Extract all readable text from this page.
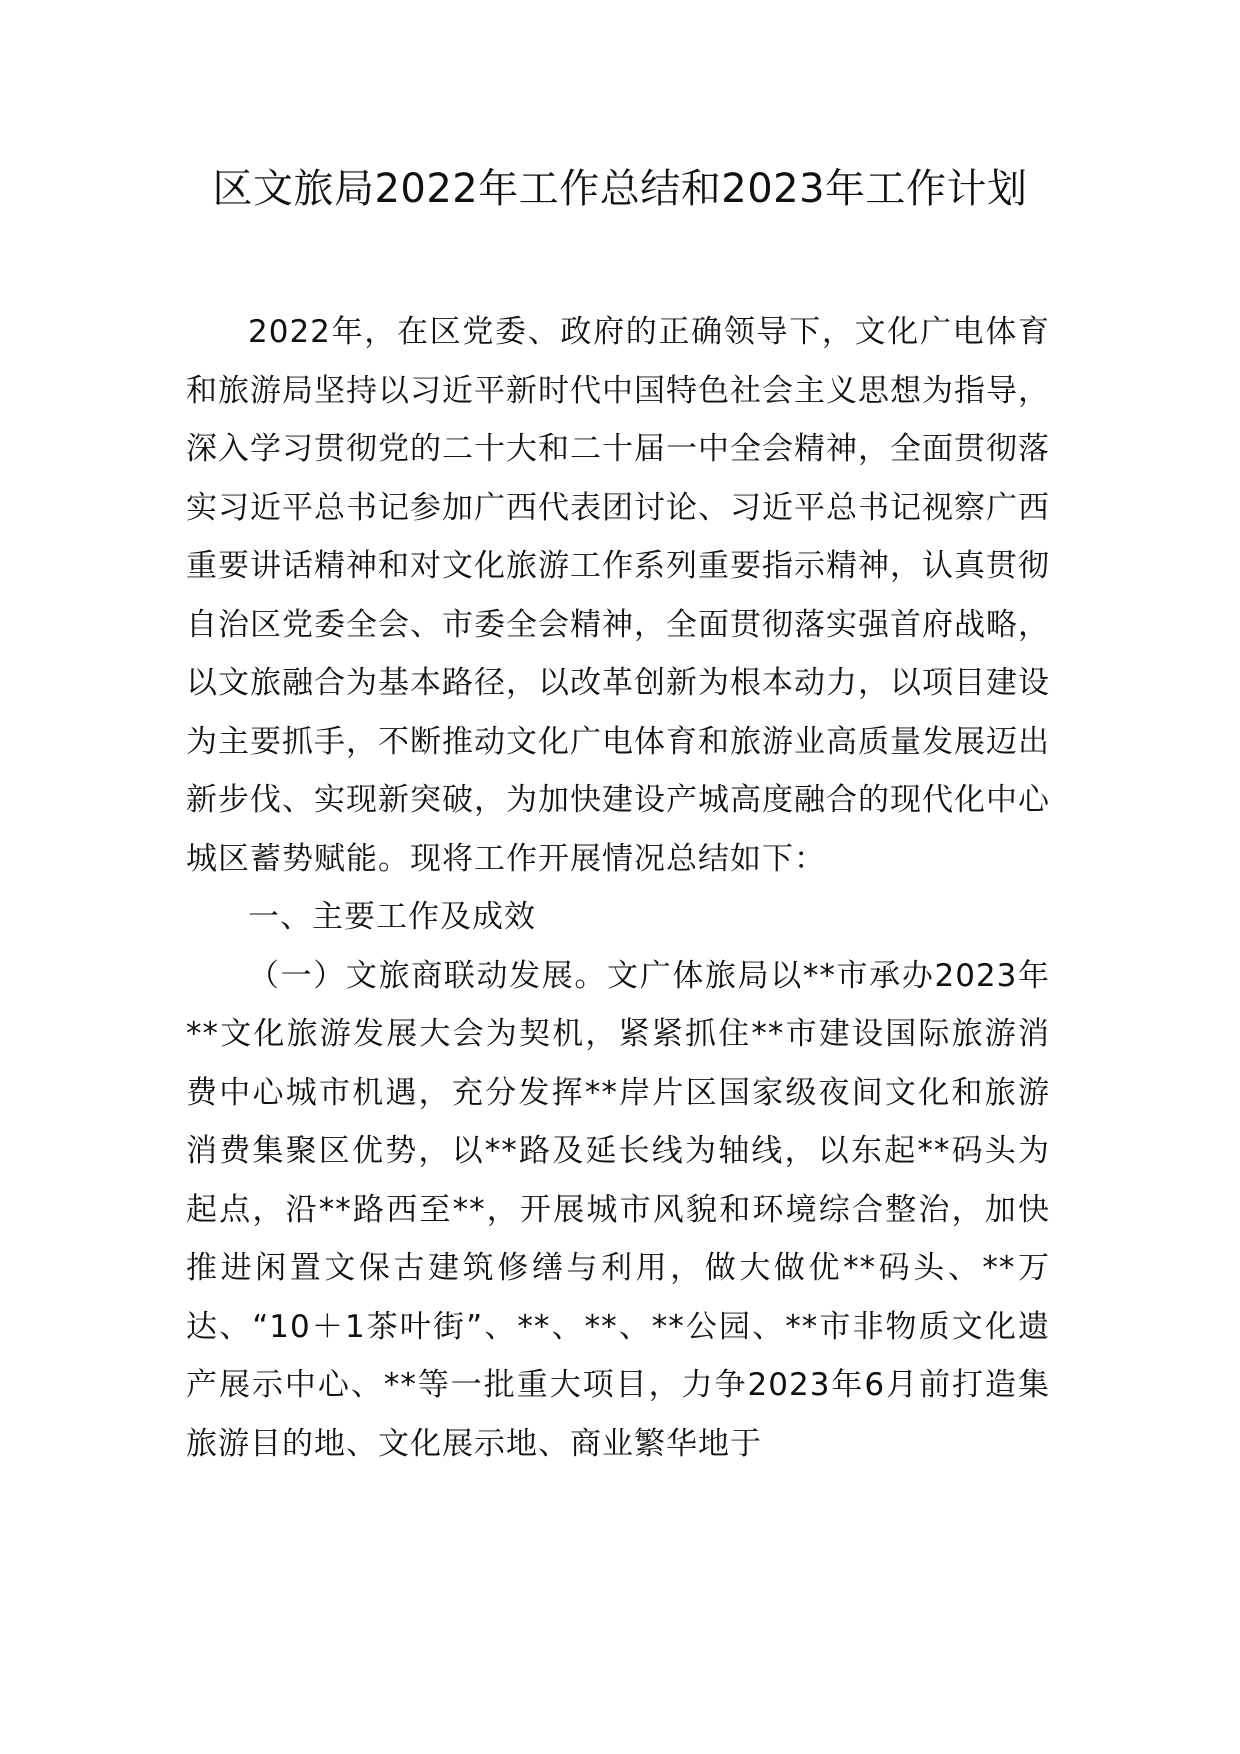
区文旅局2022年工作总结和2023年工作计划

2022年，在区党委、政府的正确领导下，文化广电体育和旅游局坚持以习近平新时代中国特色社会主义思想为指导，深入学习贯彻党的二十大和二十届一中全会精神，全面贯彻落实习近平总书记参加广西代表团讨论、习近平总书记视察广西重要讲话精神和对文化旅游工作系列重要指示精神，认真贯彻自治区党委全会、市委全会精神，全面贯彻落实强首府战略，以文旅融合为基本路径，以改革创新为根本动力，以项目建设为主要抓手，不断推动文化广电体育和旅游业高质量发展迈出新步伐、实现新突破，为加快建设产城高度融合的现代化中心城区蓄势赋能。现将工作开展情况总结如下：

一、主要工作及成效

（一）文旅商联动发展。文广体旅局以**市承办2023年**文化旅游发展大会为契机，紧紧抓住**市建设国际旅游消费中心城市机遇，充分发挥**岸片区国家级夜间文化和旅游消费集聚区优势，以**路及延长线为轴线，以东起**码头为起点，沿**路西至**，开展城市风貌和环境综合整治，加快推进闲置文保古建筑修缮与利用，做大做优**码头、**万达、“10＋1茶叶街”、**、**、**公园、**市非物质文化遗产展示中心、**等一批重大项目，力争2023年6月前打造集旅游目的地、文化展示地、商业繁华地于
